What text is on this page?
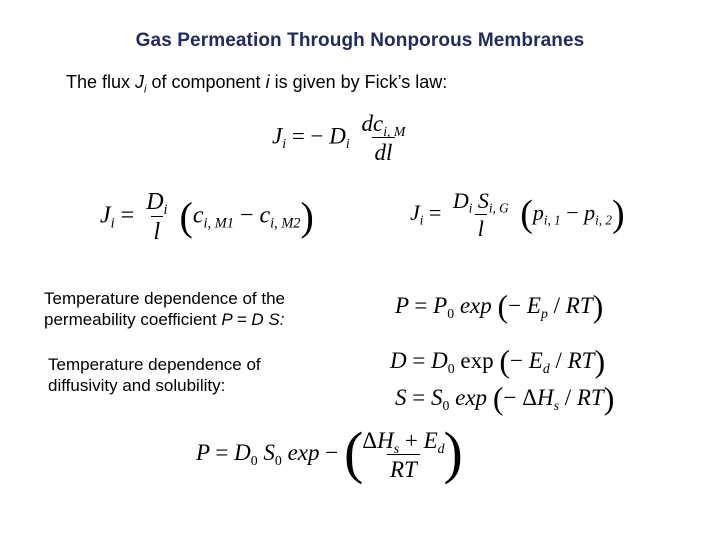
Gas Permeation Through Nonporous Membranes
The flux $J_i$ of component i is given by Fick’s law:
$J_i$ = − $D_i \frac{dc_{i, M}}{dl}$
$J_i = \frac{D_i}{l} (c_{i, M1} - c_{i, M2})$	$J_i = \frac{D_i S_{i, G}}{l} (p_{i, 1} - p_{i, 2})$
Temperature dependence of the
permeability coefficient P = D S:
$P = P_0$ exp (− $E_p / RT$)
Temperature dependence of
diffusivity and solubility:
$D = D_0$ exp (− $E_d / RT$)
$S = S_0$ exp (− $\Delta H_s / RT$)
$P = D_0$ $S_0$ exp − (
$\frac{\Delta H_s + E_d}{RT}$
)
